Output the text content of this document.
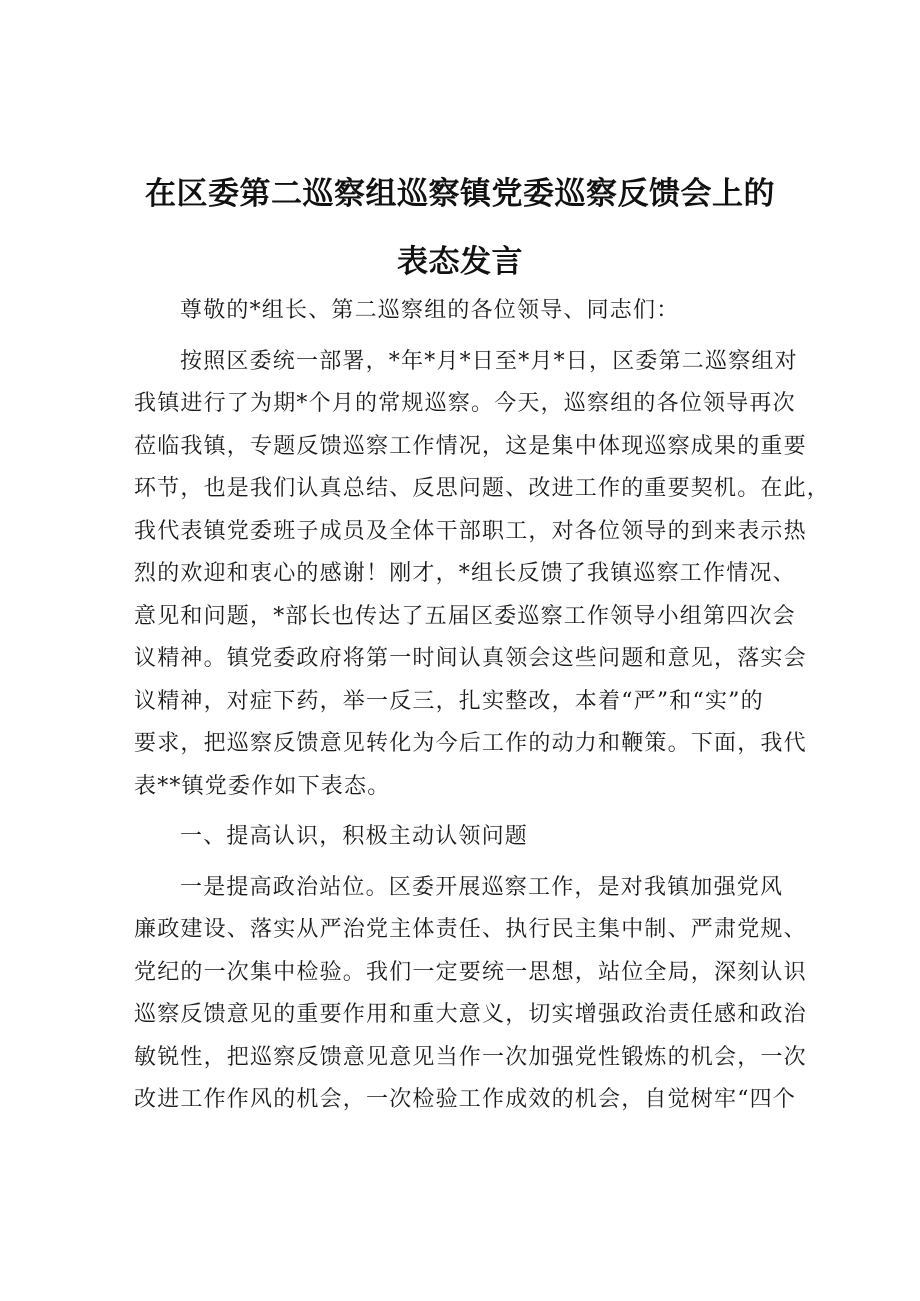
在区委第二巡察组巡察镇党委巡察反馈会上的
表态发言
尊敬的*组长、第二巡察组的各位领导、同志们：
按照区委统一部署，*年*月*日至*月*日，区委第二巡察组对
我镇进行了为期*个月的常规巡察。今天，巡察组的各位领导再次
莅临我镇，专题反馈巡察工作情况，这是集中体现巡察成果的重要
环节，也是我们认真总结、反思问题、改进工作的重要契机。在此，
我代表镇党委班子成员及全体干部职工，对各位领导的到来表示热
烈的欢迎和衷心的感谢！刚才，*组长反馈了我镇巡察工作情况、
意见和问题，*部长也传达了五届区委巡察工作领导小组第四次会
议精神。镇党委政府将第一时间认真领会这些问题和意见，落实会
议精神，对症下药，举一反三，扎实整改，本着“严”和“实”的
要求，把巡察反馈意见转化为今后工作的动力和鞭策。下面，我代
表**镇党委作如下表态。
一、提高认识，积极主动认领问题
一是提高政治站位。区委开展巡察工作，是对我镇加强党风
廉政建设、落实从严治党主体责任、执行民主集中制、严肃党规、
党纪的一次集中检验。我们一定要统一思想，站位全局，深刻认识
巡察反馈意见的重要作用和重大意义，切实增强政治责任感和政治
敏锐性，把巡察反馈意见意见当作一次加强党性锻炼的机会，一次
改进工作作风的机会，一次检验工作成效的机会，自觉树牢“四个
